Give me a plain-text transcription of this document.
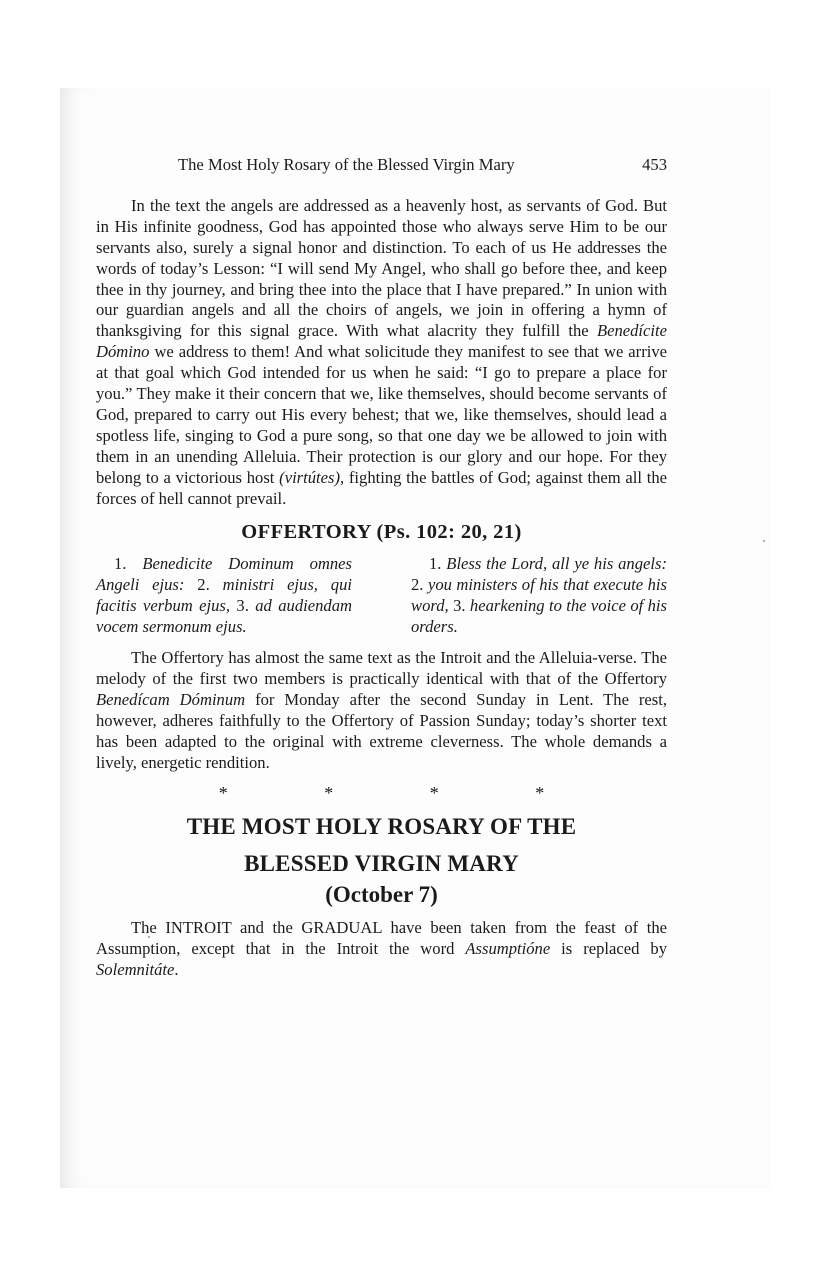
The Most Holy Rosary of the Blessed Virgin Mary	453

In the text the angels are addressed as a heavenly host, as servants of God. But in His infinite goodness, God has appointed those who always serve Him to be our servants also, surely a signal honor and distinction. To each of us He addresses the words of today’s Lesson: “I will send My Angel, who shall go before thee, and keep thee in thy journey, and bring thee into the place that I have prepared.” In union with our guardian angels and all the choirs of angels, we join in offering a hymn of thanksgiving for this signal grace. With what alacrity they fulfill the Benedícite Dómino we address to them! And what solicitude they manifest to see that we arrive at that goal which God intended for us when he said: “I go to prepare a place for you.” They make it their concern that we, like themselves, should become servants of God, prepared to carry out His every behest; that we, like themselves, should lead a spotless life, singing to God a pure song, so that one day we be allowed to join with them in an unending Alleluia. Their protection is our glory and our hope. For they belong to a victorious host (virtútes), fighting the battles of God; against them all the forces of hell cannot prevail.

OFFERTORY (Ps. 102: 20, 21)
1. Benedicite Dominum omnes Angeli ejus: 2. ministri ejus, qui facitis verbum ejus, 3. ad audiendam vocem sermonum ejus.
1. Bless the Lord, all ye his angels: 2. you ministers of his that execute his word, 3. hearkening to the voice of his orders.

The Offertory has almost the same text as the Introit and the Alleluia-verse. The melody of the first two members is practically identical with that of the Offertory Benedícam Dóminum for Monday after the second Sunday in Lent. The rest, however, adheres faithfully to the Offertory of Passion Sunday; today’s shorter text has been adapted to the original with extreme cleverness. The whole demands a lively, energetic rendition.

* * * *
THE MOST HOLY ROSARY OF THE
BLESSED VIRGIN MARY
(October 7)

The INTROIT and the GRADUAL have been taken from the feast of the Assumption, except that in the Introit the word Assumptióne is replaced by Solemnitáte.
